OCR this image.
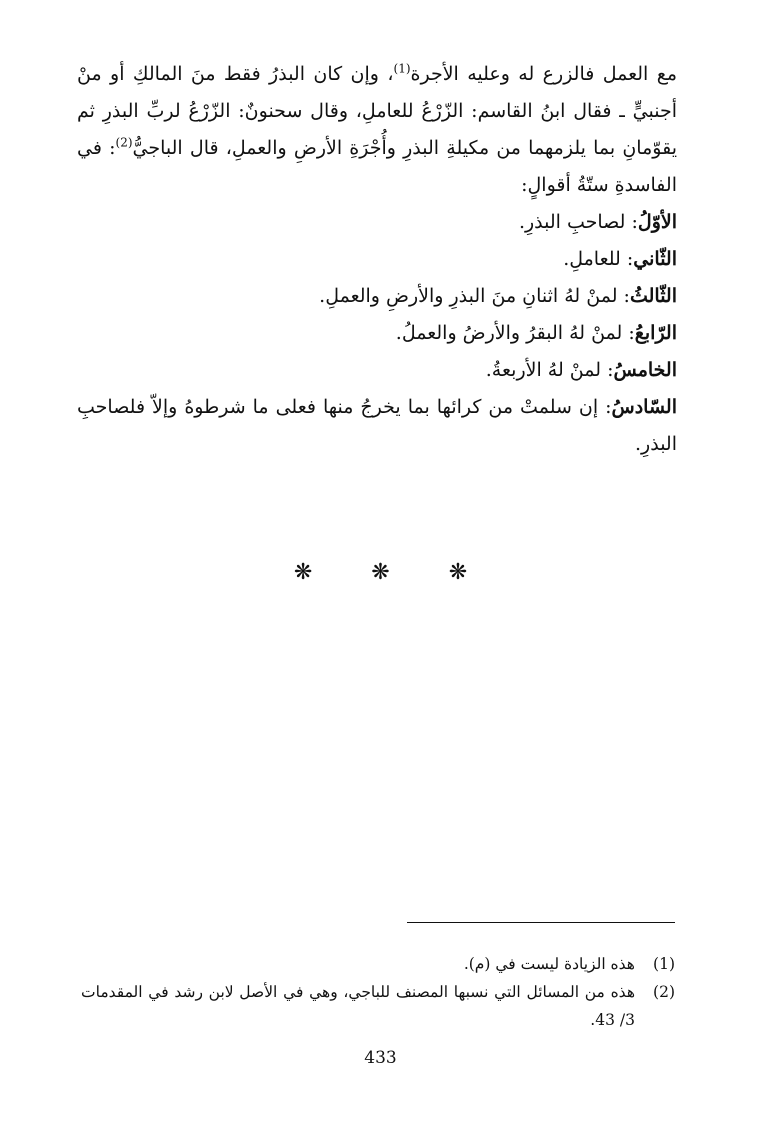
مع العمل فالزرع له وعليه الأجرة$^{(1)}$، وإن كان البذرُ فقط منَ المالكِ أو منْ أجنبيٍّ ـ فقال ابنُ القاسم: الزّرْعُ للعاملِ، وقال سحنونٌ: الزّرْعُ لربِّ البذرِ ثم يقوّمانِ بما يلزمهما من مكيلةِ البذرِ وأُجْرَةِ الأرضِ والعملِ، قال الباجيُّ$^{(2)}$: في الفاسدةِ ستّةُ أقوالٍ:

الأوّلُ: لصاحبِ البذرِ.

الثّاني: للعاملِ.

الثّالثُ: لمنْ لهُ اثنانِ منَ البذرِ والأرضِ والعملِ.

الرّابعُ: لمنْ لهُ البقرُ والأرضُ والعملُ.

الخامسُ: لمنْ لهُ الأربعةُ.

السّادسُ: إن سلمتْ من كرائها بما يخرجُ منها فعلى ما شرطوهُ وإلاّ فلصاحبِ البذرِ.

❋ ❋ ❋
(1)
هذه الزيادة ليست في (م).
(2)
هذه من المسائل التي نسبها المصنف للباجي، وهي في الأصل لابن رشد في المقدمات 3/ 43.
433
